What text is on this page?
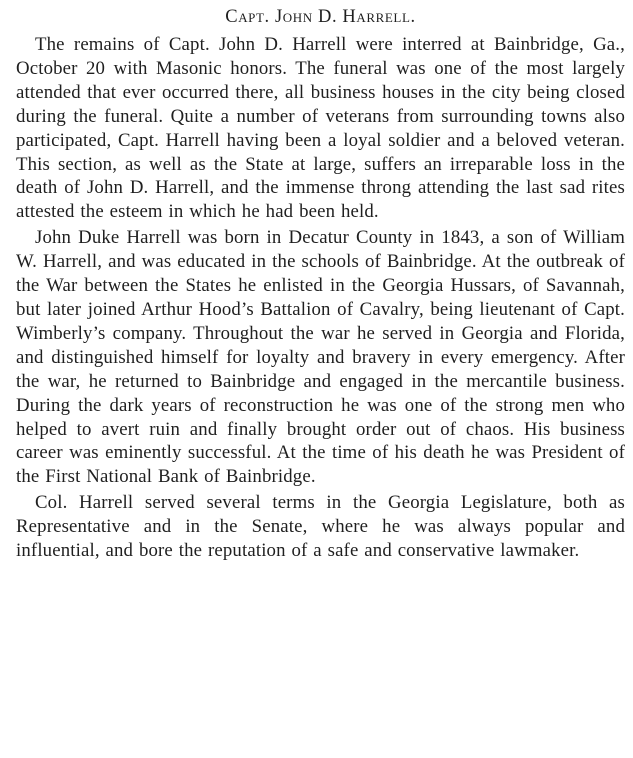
Capt. John D. Harrell.

The remains of Capt. John D. Harrell were interred at Bainbridge, Ga., October 20 with Masonic honors. The funeral was one of the most largely attended that ever occurred there, all business houses in the city being closed during the funeral. Quite a number of veterans from surrounding towns also participated, Capt. Harrell having been a loyal soldier and a beloved veteran. This section, as well as the State at large, suffers an irreparable loss in the death of John D. Harrell, and the immense throng attending the last sad rites attested the esteem in which he had been held.

John Duke Harrell was born in Decatur County in 1843, a son of William W. Harrell, and was educated in the schools of Bainbridge. At the outbreak of the War between the States he enlisted in the Georgia Hussars, of Savannah, but later joined Arthur Hood’s Battalion of Cavalry, being lieutenant of Capt. Wimberly’s company. Throughout the war he served in Georgia and Florida, and distinguished himself for loyalty and bravery in every emergency. After the war, he returned to Bainbridge and engaged in the mercantile business. During the dark years of reconstruction he was one of the strong men who helped to avert ruin and finally brought order out of chaos. His business career was eminently successful. At the time of his death he was President of the First National Bank of Bainbridge.

Col. Harrell served several terms in the Georgia Legislature, both as Representative and in the Senate, where he was always popular and influential, and bore the reputation of a safe and conservative lawmaker.
